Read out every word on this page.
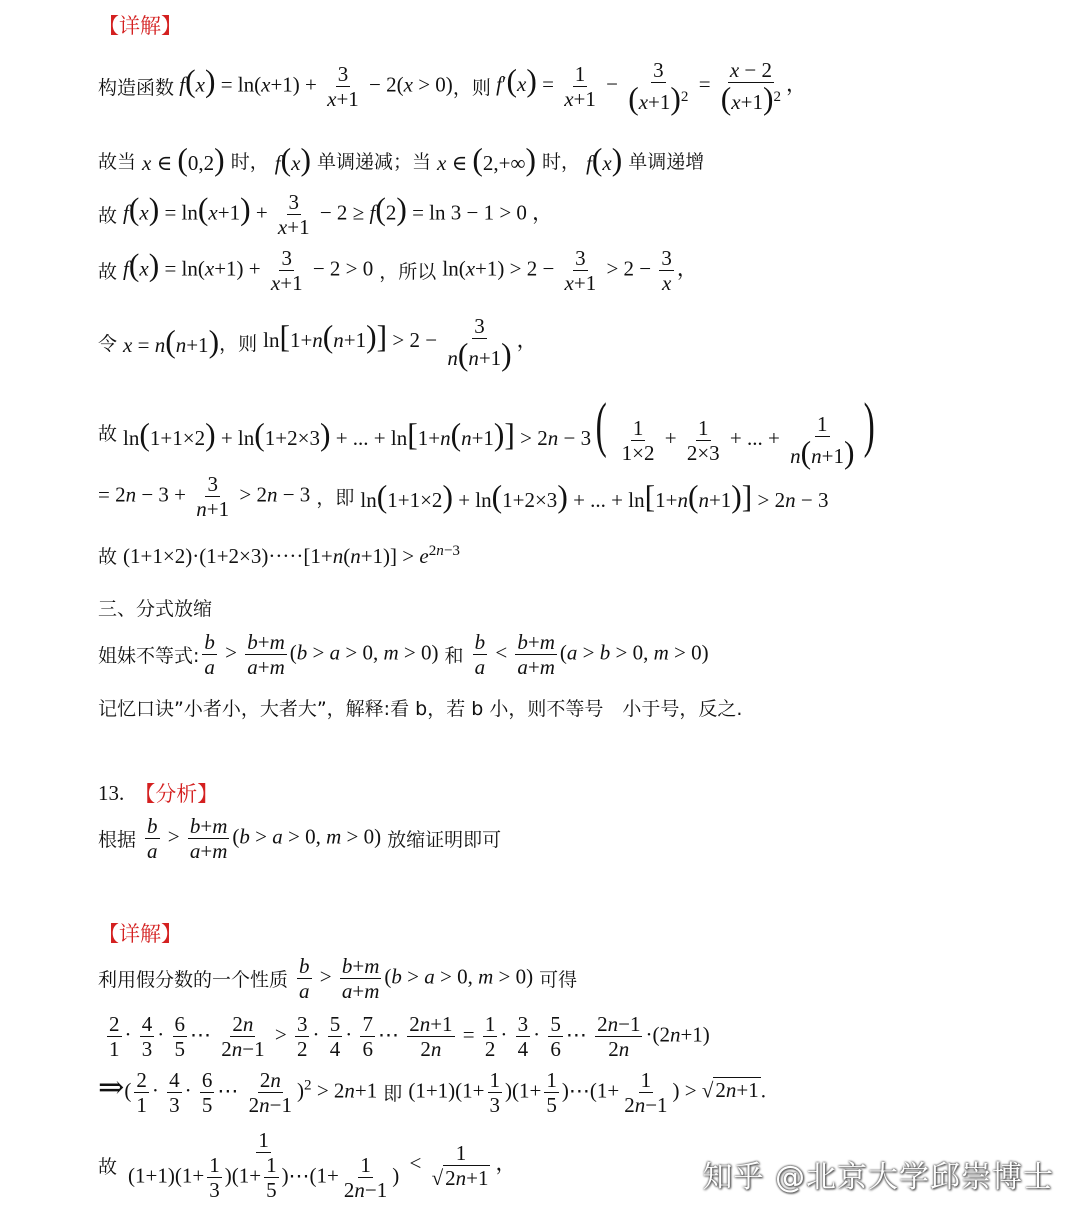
【详解】
构造函数 $f(x) = \ln(x+1) + \frac{3}{x+1} - 2(x > 0)$ ，则 $f'(x) = \frac{1}{x+1} - \frac{3}{(x+1)^2} = \frac{x - 2}{(x+1)^2}$ ，
故当 x ∈ (0,2) 时， f(x) 单调递减；当 x ∈ (2,+∞) 时， f(x) 单调递增
故 $f(x) = \ln(x+1) + \frac{3}{x+1} - 2 \ge f(2) = \ln 3 - 1 > 0$ ，
故 $f(x) = \ln(x+1) + \frac{3}{x+1} - 2 > 0$ ，所以 $\ln(x+1) > 2 - \frac{3}{x+1} > 2 - \frac{3}{x}$ ，
令 x = n(n+1) ，则 $\ln[1+n(n+1)] > 2 - \frac{3}{n(n+1)}$ ，
故 ln(1+1×2) + ln(1+2×3) + ... + $\ln[1+n(n+1)] > 2n - 3( \frac{1}{1\times 2} + \frac{1}{2\times 3}$ + ... + $\frac{1}{n(n+1)}$ )
= $2n - 3 + \frac{3}{n+1} > 2n - 3$ ，即 ln(1+1×2) + ln(1+2×3) + ... + ln[1+n(n+1)] > 2n − 3
故 $(1+1\times 2)\cdot(1+2\times 3)\cdot\cdot\cdot\cdot\cdot[1+n(n+1)] > e^{2n-3}$
三、分式放缩
姐妹不等式: $\frac{b}{a} > \frac{b+m}{a+m} (b > a > 0$, m > 0) 和 $\frac{b}{a} < \frac{b+m}{a+m} (a > b > 0$, m > 0)
记忆口诀”小者小，大者大”，解释:看 b，若 b 小，则不等号　小于号，反之.
13. 【分析】
根据 $\frac{b}{a} > \frac{b+m}{a+m} (b > a > 0$, m > 0) 放缩证明即可
【详解】
利用假分数的一个性质 $\frac{b}{a} > \frac{b+m}{a+m} (b > a > 0$, m > 0) 可得
$\frac{2}{1} \cdot \frac{4}{3} \cdot \frac{6}{5}$ ⋯ $\frac{2n}{2n-1} > \frac{3}{2} \cdot \frac{5}{4} \cdot \frac{7}{6}$ ⋯ $\frac{2n+1}{2n} = \frac{1}{2} \cdot \frac{3}{4} \cdot \frac{5}{6}$ ⋯ $\frac{2n-1}{2n} \cdot(2n+1)$
⇒( $\frac{2}{1} \cdot \frac{4}{3} \cdot \frac{6}{5}$ ⋯ $\frac{2n}{2n-1} )^2 > 2n+1$ 即 $(1+1)(1+ \frac{1}{3} )(1+ \frac{1}{5}$ )⋯(1+ $\frac{1}{2n-1}$ ) > √2n+1.
故 $\frac{1}{(1+1)(1+ \frac{1}{3} )(1+ \frac{1}{5} )\cdots(1+ \frac{1}{2n-1} )} < \frac{1}{√2n+1}$ ，	知乎 @北京大学邱崇博士
